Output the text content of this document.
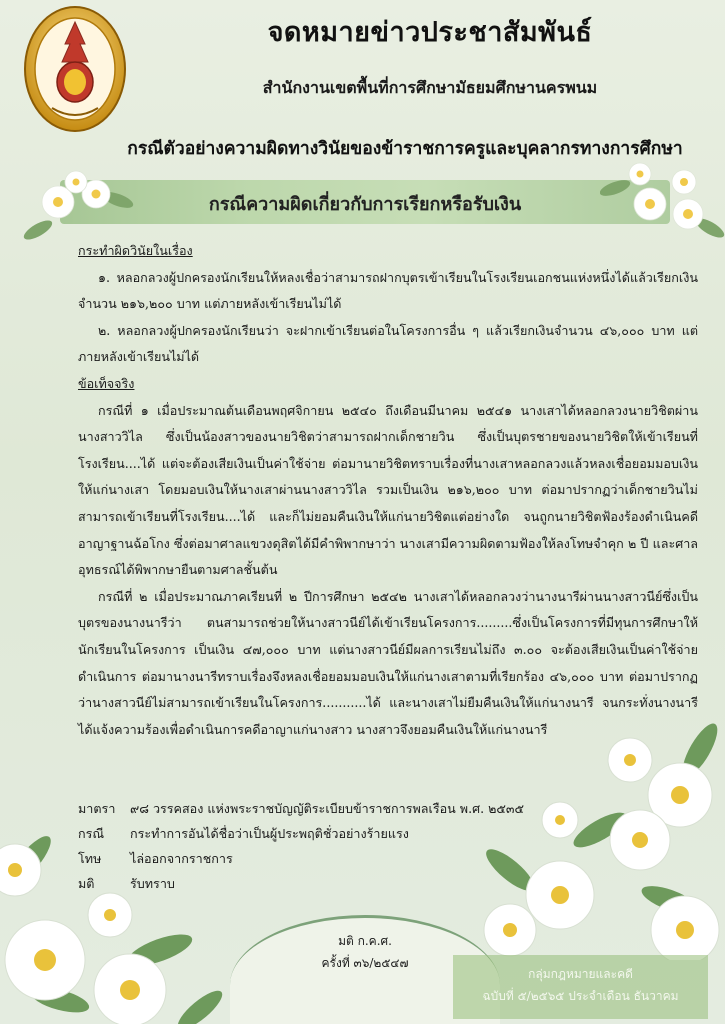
จดหมายข่าวประชาสัมพันธ์
สำนักงานเขตพื้นที่การศึกษามัธยมศึกษานครพนม
กรณีตัวอย่างความผิดทางวินัยของข้าราชการครูและบุคลากรทางการศึกษา
กรณีความผิดเกี่ยวกับการเรียกหรือรับเงิน

กระทำผิดวินัยในเรื่อง

๑. หลอกลวงผู้ปกครองนักเรียนให้หลงเชื่อว่าสามารถฝากบุตรเข้าเรียนในโรงเรียนเอกชนแห่งหนึ่งได้แล้วเรียกเงินจำนวน ๒๑๖,๒๐๐ บาท แต่ภายหลังเข้าเรียนไม่ได้

๒. หลอกลวงผู้ปกครองนักเรียนว่า จะฝากเข้าเรียนต่อในโครงการอื่น ๆ แล้วเรียกเงินจำนวน ๔๖,๐๐๐ บาท แต่ภายหลังเข้าเรียนไม่ได้

ข้อเท็จจริง

กรณีที่ ๑ เมื่อประมาณต้นเดือนพฤศจิกายน ๒๕๔๐ ถึงเดือนมีนาคม ๒๕๔๑ นางเสาได้หลอกลวงนายวิชิตผ่านนางสาววิไล ซึ่งเป็นน้องสาวของนายวิชิตว่าสามารถฝากเด็กชายวิน ซึ่งเป็นบุตรชายของนายวิชิตให้เข้าเรียนที่โรงเรียน....ได้ แต่จะต้องเสียเงินเป็นค่าใช้จ่าย ต่อมานายวิชิตทราบเรื่องที่นางเสาหลอกลวงแล้วหลงเชื่อยอมมอบเงินให้แก่นางเสา โดยมอบเงินให้นางเสาผ่านนางสาววิไล รวมเป็นเงิน ๒๑๖,๒๐๐ บาท ต่อมาปรากฏว่าเด็กชายวินไม่สามารถเข้าเรียนที่โรงเรียน....ได้ และก็ไม่ยอมคืนเงินให้แก่นายวิชิตแต่อย่างใด จนถูกนายวิชิตฟ้องร้องดำเนินคดีอาญาฐานฉ้อโกง ซึ่งต่อมาศาลแขวงดุสิตได้มีคำพิพากษาว่า นางเสามีความผิดตามฟ้องให้ลงโทษจำคุก ๒ ปี และศาลอุทธรณ์ได้พิพากษายืนตามศาลชั้นต้น

กรณีที่ ๒ เมื่อประมาณภาคเรียนที่ ๒ ปีการศึกษา ๒๕๔๒ นางเสาได้หลอกลวงว่านางนารีผ่านนางสาวนีย์ซึ่งเป็นบุตรของนางนารีว่า ตนสามารถช่วยให้นางสาวนีย์ได้เข้าเรียนโครงการ.........ซึ่งเป็นโครงการที่มีทุนการศึกษาให้นักเรียนในโครงการ เป็นเงิน ๔๗,๐๐๐ บาท แต่นางสาวนีย์มีผลการเรียนไม่ถึง ๓.๐๐ จะต้องเสียเงินเป็นค่าใช้จ่ายดำเนินการ ต่อมานางนารีทราบเรื่องจึงหลงเชื่อยอมมอบเงินให้แก่นางเสาตามที่เรียกร้อง ๔๖,๐๐๐ บาท ต่อมาปรากฏว่านางสาวนีย์ไม่สามารถเข้าเรียนในโครงการ...........ได้ และนางเสาไม่ยืมคืนเงินให้แก่นางนารี จนกระทั่งนางนารีได้แจ้งความร้องเพื่อดำเนินการคดีอาญาแก่นางสาว นางสาวจึงยอมคืนเงินให้แก่นางนารี

มาตรา	๙๘ วรรคสอง แห่งพระราชบัญญัติระเบียบข้าราชการพลเรือน พ.ศ. ๒๕๓๕
กรณี	กระทำการอันได้ชื่อว่าเป็นผู้ประพฤติชั่วอย่างร้ายแรง
โทษ	ไล่ออกจากราชการ
มติ	รับทราบ
มติ ก.ค.ศ.
ครั้งที่ ๓๖/๒๕๔๗
กลุ่มกฎหมายและคดี
ฉบับที่ ๕/๒๕๖๕ ประจำเดือน ธันวาคม
